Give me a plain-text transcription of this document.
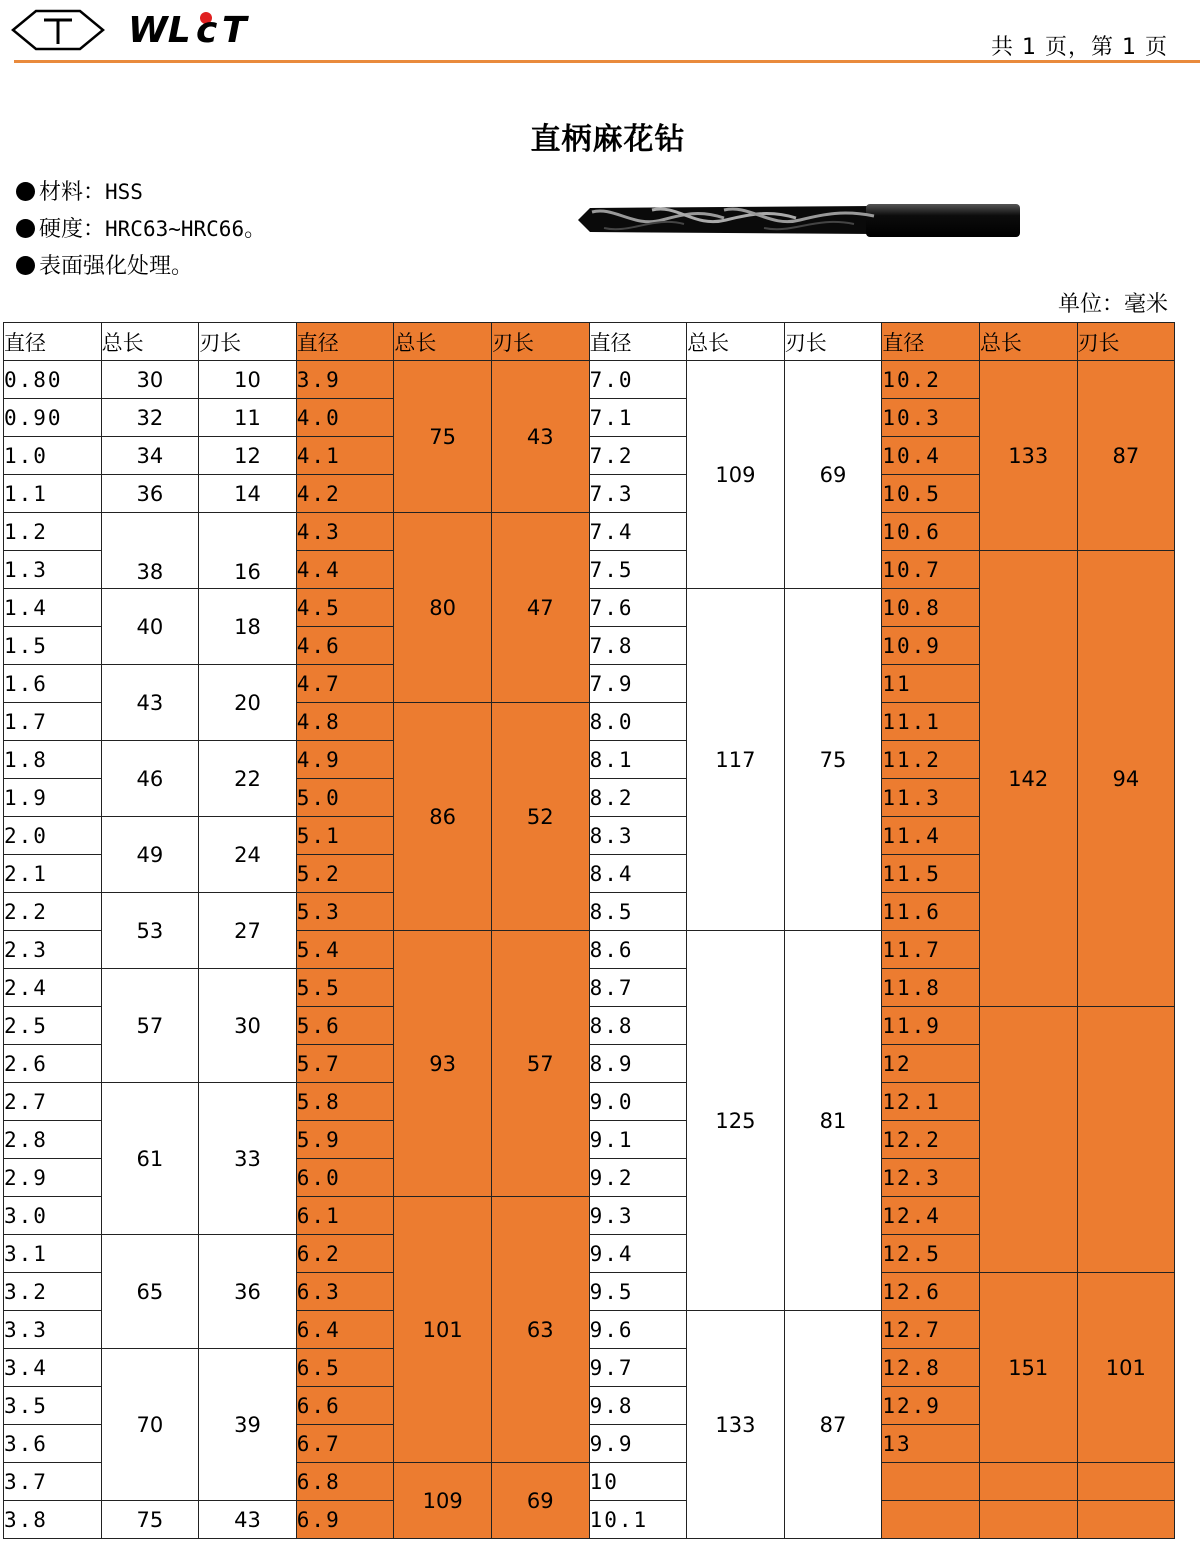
WL c T	共 1 页，第 1 页
直柄麻花钻
材料：HSS
硬度：HRC63~HRC66。
表面强化处理。
单位：毫米
直径	总长	刃长	直径	总长	刃长	直径	总长	刃长	直径	总长	刃长
0.80	30	10	3.9	75	43	7.0	109	69	10.2	133	87
0.90	32	11	4.0			7.1			10.3		
1.0	34	12	4.1			7.2			10.4		
1.1	36	14	4.2			7.3			10.5		
1.2	38	16	4.3	80	47	7.4			10.6		
1.3			4.4			7.5			10.7	142	94
1.4	40	18	4.5			7.6	117	75	10.8		
1.5			4.6			7.8			10.9		
1.6	43	20	4.7			7.9			11		
1.7			4.8	86	52	8.0			11.1		
1.8	46	22	4.9			8.1			11.2		
1.9			5.0			8.2			11.3		
2.0	49	24	5.1			8.3			11.4		
2.1			5.2			8.4			11.5		
2.2	53	27	5.3			8.5			11.6		
2.3			5.4	93	57	8.6	125	81	11.7		
2.4	57	30	5.5			8.7			11.8		
2.5			5.6			8.8			11.9		
2.6			5.7			8.9			12		
2.7	61	33	5.8			9.0			12.1		
2.8			5.9			9.1			12.2		
2.9			6.0			9.2			12.3		
3.0			6.1	101	63	9.3			12.4		
3.1	65	36	6.2			9.4			12.5		
3.2			6.3			9.5			12.6	151	101
3.3			6.4			9.6	133	87	12.7		
3.4	70	39	6.5			9.7			12.8		
3.5			6.6			9.8			12.9		
3.6			6.7			9.9			13		
3.7			6.8	109	69	10					
3.8	75	43	6.9			10.1					
